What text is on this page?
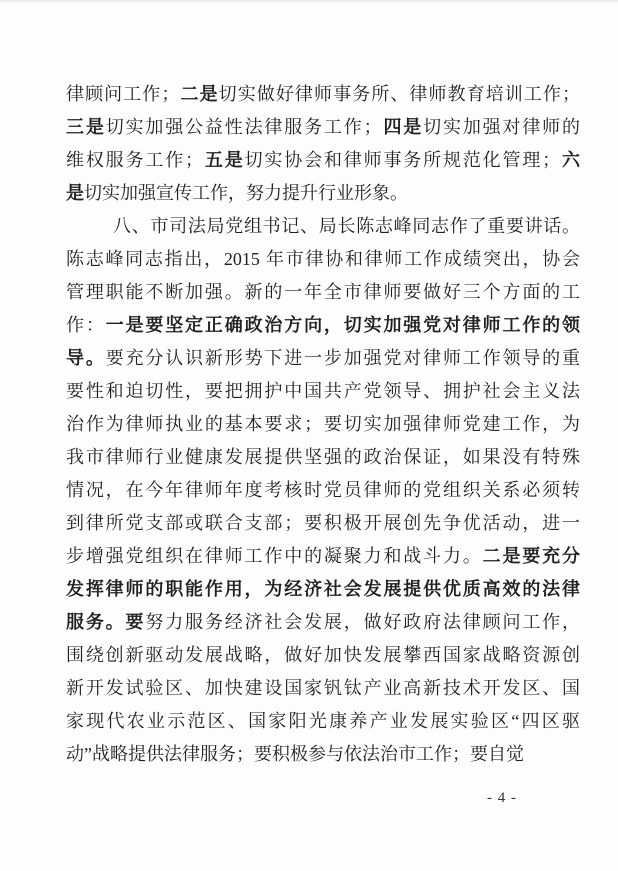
律顾问工作；二是切实做好律师事务所、律师教育培训工作；
三是切实加强公益性法律服务工作；四是切实加强对律师的
维权服务工作；五是切实协会和律师事务所规范化管理；六
是切实加强宣传工作，努力提升行业形象。
八、市司法局党组书记、局长陈志峰同志作了重要讲话。
陈志峰同志指出，2015 年市律协和律师工作成绩突出，协会
管理职能不断加强。新的一年全市律师要做好三个方面的工
作：一是要坚定正确政治方向，切实加强党对律师工作的领
导。要充分认识新形势下进一步加强党对律师工作领导的重
要性和迫切性，要把拥护中国共产党领导、拥护社会主义法
治作为律师执业的基本要求；要切实加强律师党建工作，为
我市律师行业健康发展提供坚强的政治保证，如果没有特殊
情况，在今年律师年度考核时党员律师的党组织关系必须转
到律所党支部或联合支部；要积极开展创先争优活动，进一
步增强党组织在律师工作中的凝聚力和战斗力。二是要充分
发挥律师的职能作用，为经济社会发展提供优质高效的法律
服务。要努力服务经济社会发展，做好政府法律顾问工作，
围绕创新驱动发展战略，做好加快发展攀西国家战略资源创
新开发试验区、加快建设国家钒钛产业高新技术开发区、国
家现代农业示范区、国家阳光康养产业发展实验区“四区驱
动”战略提供法律服务；要积极参与依法治市工作；要自觉
- 4 -
